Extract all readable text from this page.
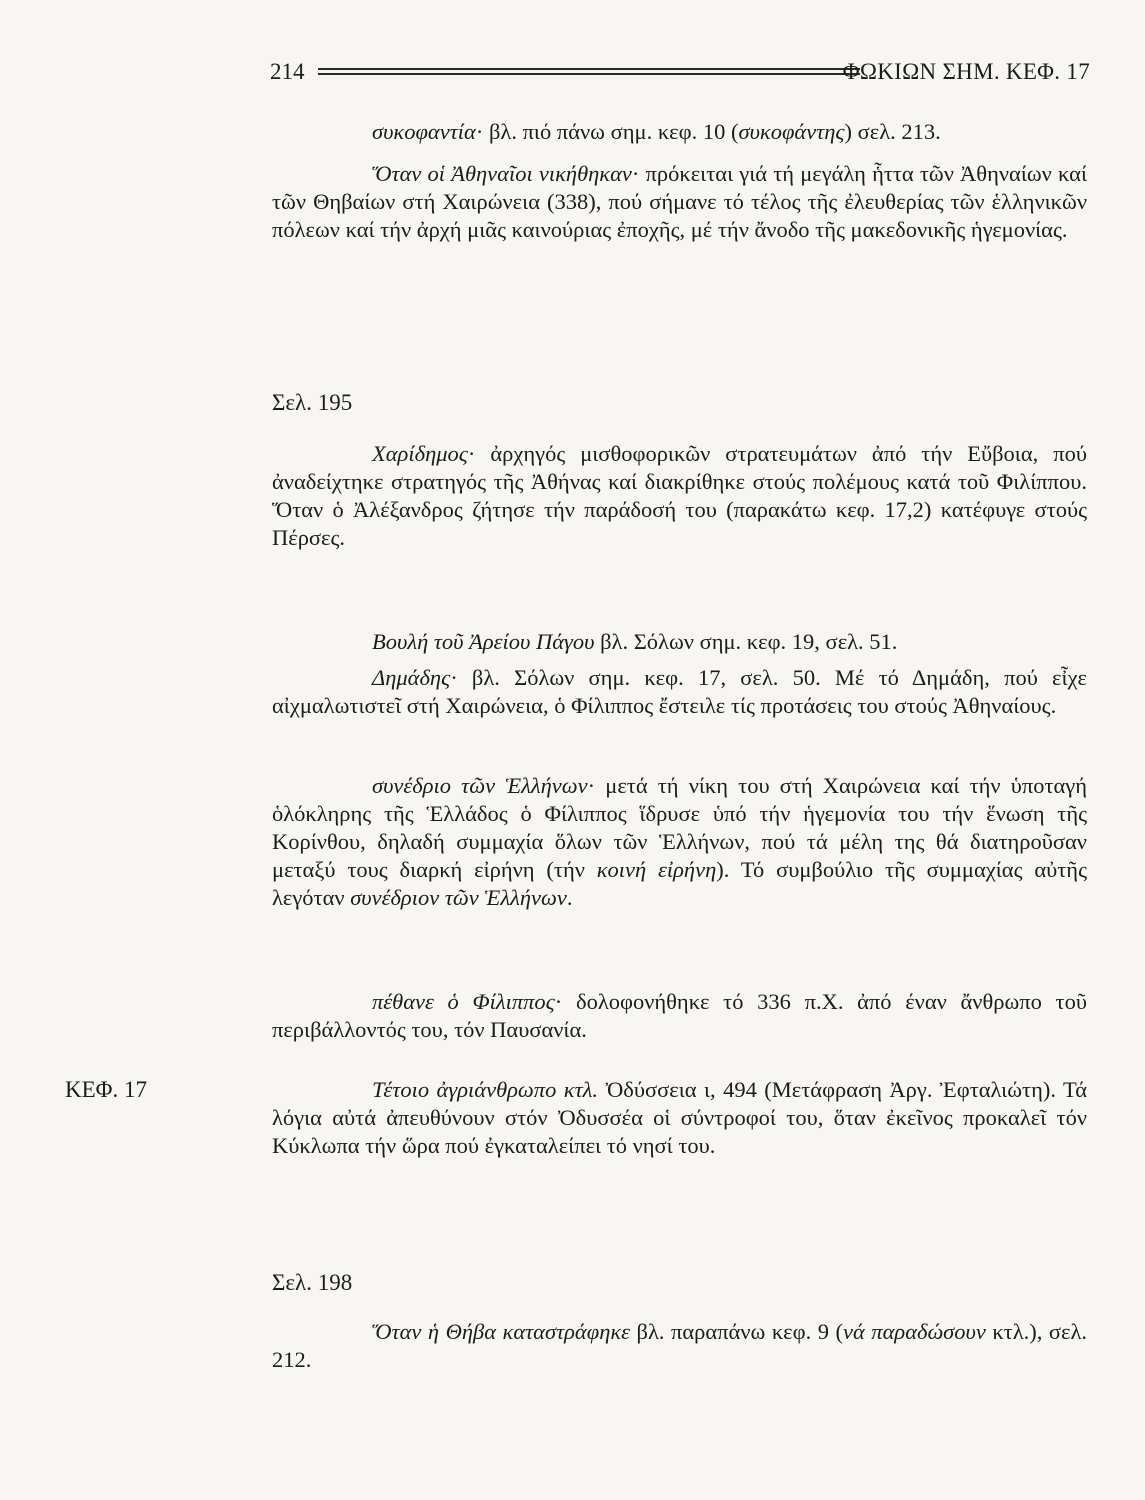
214	ΦΩΚΙΩΝ ΣΗΜ. ΚΕΦ. 17

συκοφαντία· βλ. πιό πάνω σημ. κεφ. 10 (συκοφάντης) σελ. 213.

Ὅταν οἱ Ἀθηναῖοι νικήθηκαν· πρόκειται γιά τή μεγάλη ἧττα τῶν Ἀθηναίων καί τῶν Θηβαίων στή Χαιρώνεια (338), πού σήμανε τό τέλος τῆς ἐλευθερίας τῶν ἑλληνικῶν πόλεων καί τήν ἀρχή μιᾶς καινούριας ἐποχῆς, μέ τήν ἄνοδο τῆς μακεδονικῆς ἡγεμονίας.

Σελ. 195

Χαρίδημος· ἀρχηγός μισθοφορικῶν στρατευμάτων ἀπό τήν Εὔβοια, πού ἀναδείχτηκε στρατηγός τῆς Ἀθήνας καί διακρίθηκε στούς πολέμους κατά τοῦ Φιλίππου. Ὅταν ὁ Ἀλέξανδρος ζήτησε τήν παράδοσή του (παρακάτω κεφ. 17,2) κατέφυγε στούς Πέρσες.

Βουλή τοῦ Ἀρείου Πάγου βλ. Σόλων σημ. κεφ. 19, σελ. 51.

Δημάδης· βλ. Σόλων σημ. κεφ. 17, σελ. 50. Μέ τό Δημάδη, πού εἶχε αἰχμαλωτιστεῖ στή Χαιρώνεια, ὁ Φίλιππος ἔστειλε τίς προτάσεις του στούς Ἀθηναίους.

συνέδριο τῶν Ἑλλήνων· μετά τή νίκη του στή Χαιρώνεια καί τήν ὑποταγή ὁλόκληρης τῆς Ἑλλάδος ὁ Φίλιππος ἵδρυσε ὑπό τήν ἡγεμονία του τήν ἕνωση τῆς Κορίνθου, δηλαδή συμμαχία ὅλων τῶν Ἑλλήνων, πού τά μέλη της θά διατηροῦσαν μεταξύ τους διαρκή εἰρήνη (τήν κοινή εἰρήνη). Τό συμβούλιο τῆς συμμαχίας αὐτῆς λεγόταν συνέδριον τῶν Ἑλλήνων.

πέθανε ὁ Φίλιππος· δολοφονήθηκε τό 336 π.Χ. ἀπό έναν ἄνθρωπο τοῦ περιβάλλοντός του, τόν Παυσανία.

ΚΕΦ. 17	Τέτοιο ἀγριάνθρωπο κτλ. Ὀδύσσεια ι, 494 (Μετάφραση Ἀργ. Ἐφταλιώτη). Τά λόγια αὐτά ἀπευθύνουν στόν Ὀδυσσέα οἱ σύντροφοί του, ὅταν ἐκεῖνος προκαλεῖ τόν Κύκλωπα τήν ὥρα πού ἐγκαταλείπει τό νησί του.

Σελ. 198

Ὅταν ἡ Θήβα καταστράφηκε βλ. παραπάνω κεφ. 9 (νά παραδώσουν κτλ.), σελ. 212.
